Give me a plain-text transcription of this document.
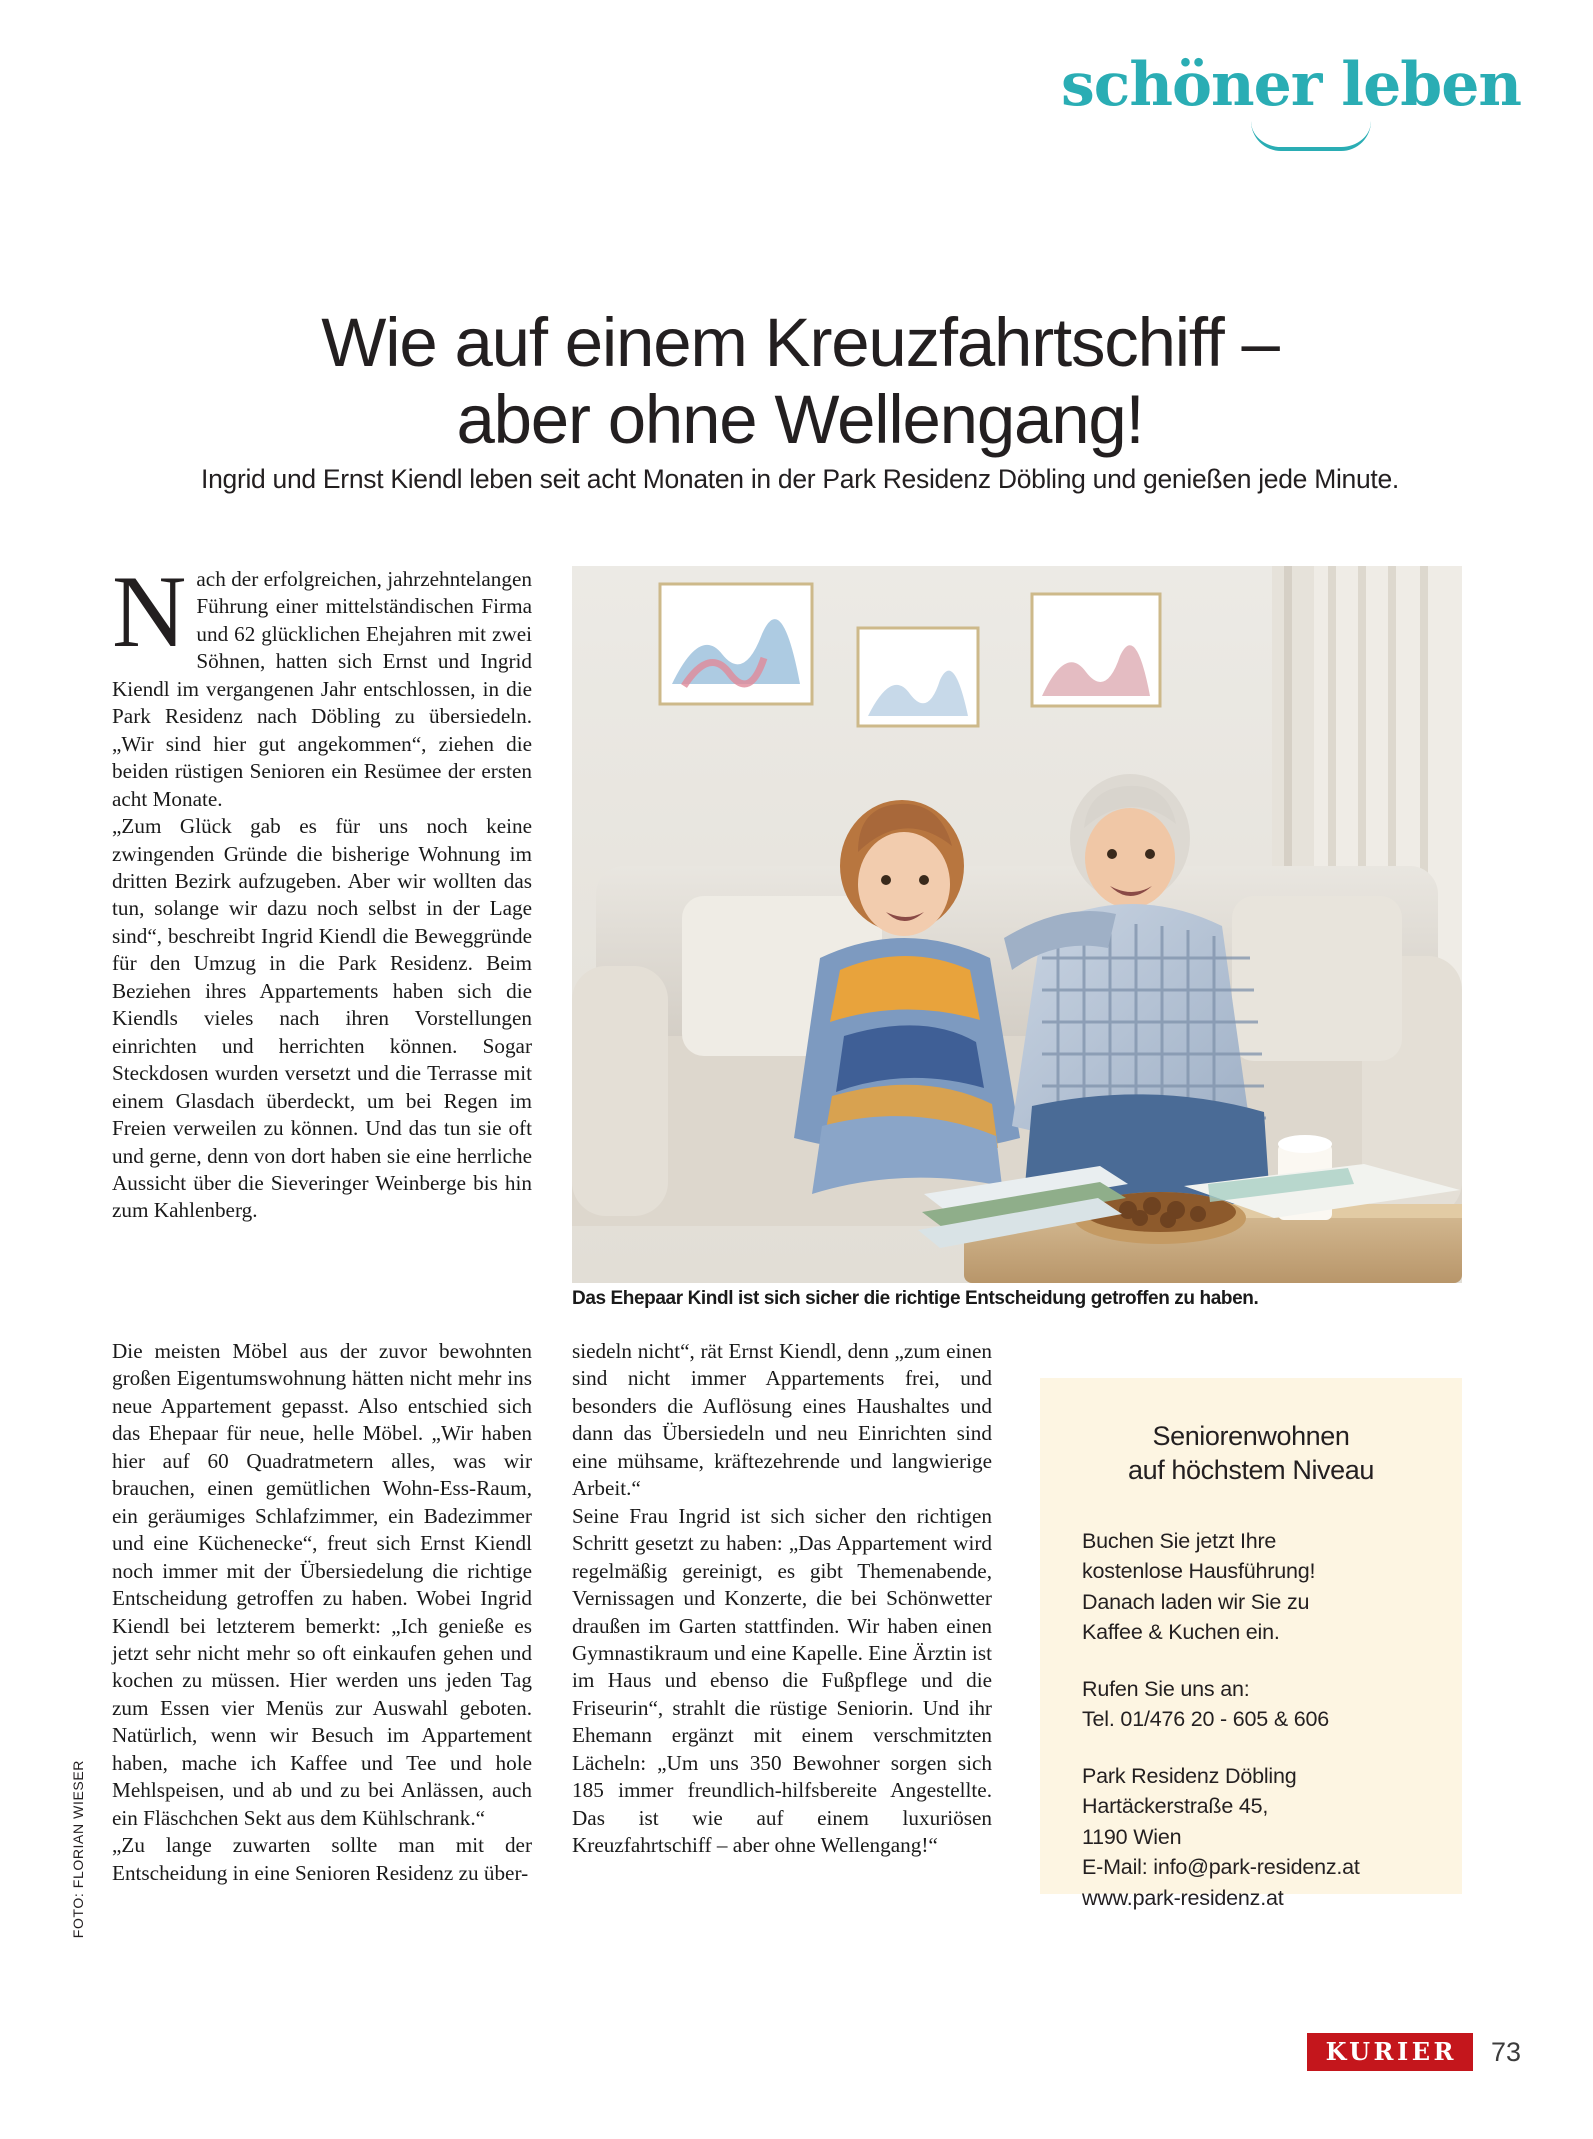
schöner leben
Wie auf einem Kreuzfahrtschiff –
aber ohne Wellengang!
Ingrid und Ernst Kiendl leben seit acht Monaten in der Park Residenz Döbling und genießen jede Minute.

Nach der erfolgreichen, jahrzehntelangen Führung einer mittelständischen Firma und 62 glücklichen Ehejahren mit zwei Söhnen, hatten sich Ernst und Ingrid Kiendl im vergangenen Jahr entschlossen, in die Park Residenz nach Döbling zu übersiedeln. „Wir sind hier gut angekommen“, ziehen die beiden rüstigen Senioren ein Resümee der ersten acht Monate.

„Zum Glück gab es für uns noch keine zwingenden Gründe die bisherige Wohnung im dritten Bezirk aufzugeben. Aber wir wollten das tun, solange wir dazu noch selbst in der Lage sind“, beschreibt Ingrid Kiendl die Beweggründe für den Umzug in die Park Residenz. Beim Beziehen ihres Appartements haben sich die Kiendls vieles nach ihren Vorstellungen einrichten und herrichten können. Sogar Steckdosen wurden versetzt und die Terrasse mit einem Glasdach überdeckt, um bei Regen im Freien verweilen zu können. Und das tun sie oft und gerne, denn von dort haben sie eine herrliche Aussicht über die Sieveringer Weinberge bis hin zum Kahlenberg.

Das Ehepaar Kindl ist sich sicher die richtige Entscheidung getroffen zu haben.

Die meisten Möbel aus der zuvor bewohnten großen Eigentumswohnung hätten nicht mehr ins neue Appartement gepasst. Also entschied sich das Ehepaar für neue, helle Möbel. „Wir haben hier auf 60 Quadratmetern alles, was wir brauchen, einen gemütlichen Wohn-Ess-Raum, ein geräumiges Schlafzimmer, ein Badezimmer und eine Küchenecke“, freut sich Ernst Kiendl noch immer mit der Übersiedelung die richtige Entscheidung getroffen zu haben. Wobei Ingrid Kiendl bei letzterem bemerkt: „Ich genieße es jetzt sehr nicht mehr so oft einkaufen gehen und kochen zu müssen. Hier werden uns jeden Tag zum Essen vier Menüs zur Auswahl geboten. Natürlich, wenn wir Besuch im Appartement haben, mache ich Kaffee und Tee und hole Mehlspeisen, und ab und zu bei Anlässen, auch ein Fläschchen Sekt aus dem Kühlschrank.“

„Zu lange zuwarten sollte man mit der Entscheidung in eine Senioren Residenz zu über-

siedeln nicht“, rät Ernst Kiendl, denn „zum einen sind nicht immer Appartements frei, und besonders die Auflösung eines Haushaltes und dann das Übersiedeln und neu Einrichten sind eine mühsame, kräftezehrende und langwierige Arbeit.“

Seine Frau Ingrid ist sich sicher den richtigen Schritt gesetzt zu haben: „Das Appartement wird regelmäßig gereinigt, es gibt Themenabende, Vernissagen und Konzerte, die bei Schönwetter draußen im Garten stattfinden. Wir haben einen Gymnastikraum und eine Kapelle. Eine Ärztin ist im Haus und ebenso die Fußpflege und die Friseurin“, strahlt die rüstige Seniorin. Und ihr Ehemann ergänzt mit einem verschmitzten Lächeln: „Um uns 350 Bewohner sorgen sich 185 immer freundlich-hilfsbereite Angestellte. Das ist wie auf einem luxuriösen Kreuzfahrtschiff – aber ohne Wellengang!“

Seniorenwohnen
auf höchstem Niveau
Buchen Sie jetzt Ihre
kostenlose Hausführung!
Danach laden wir Sie zu
Kaffee & Kuchen ein.
Rufen Sie uns an:
Tel. 01/476 20 - 605 & 606
Park Residenz Döbling
Hartäckerstraße 45,
1190 Wien
E-Mail: info@park-residenz.at
www.park-residenz.at
FOTO: FLORIAN WIESER
KURIER	73
